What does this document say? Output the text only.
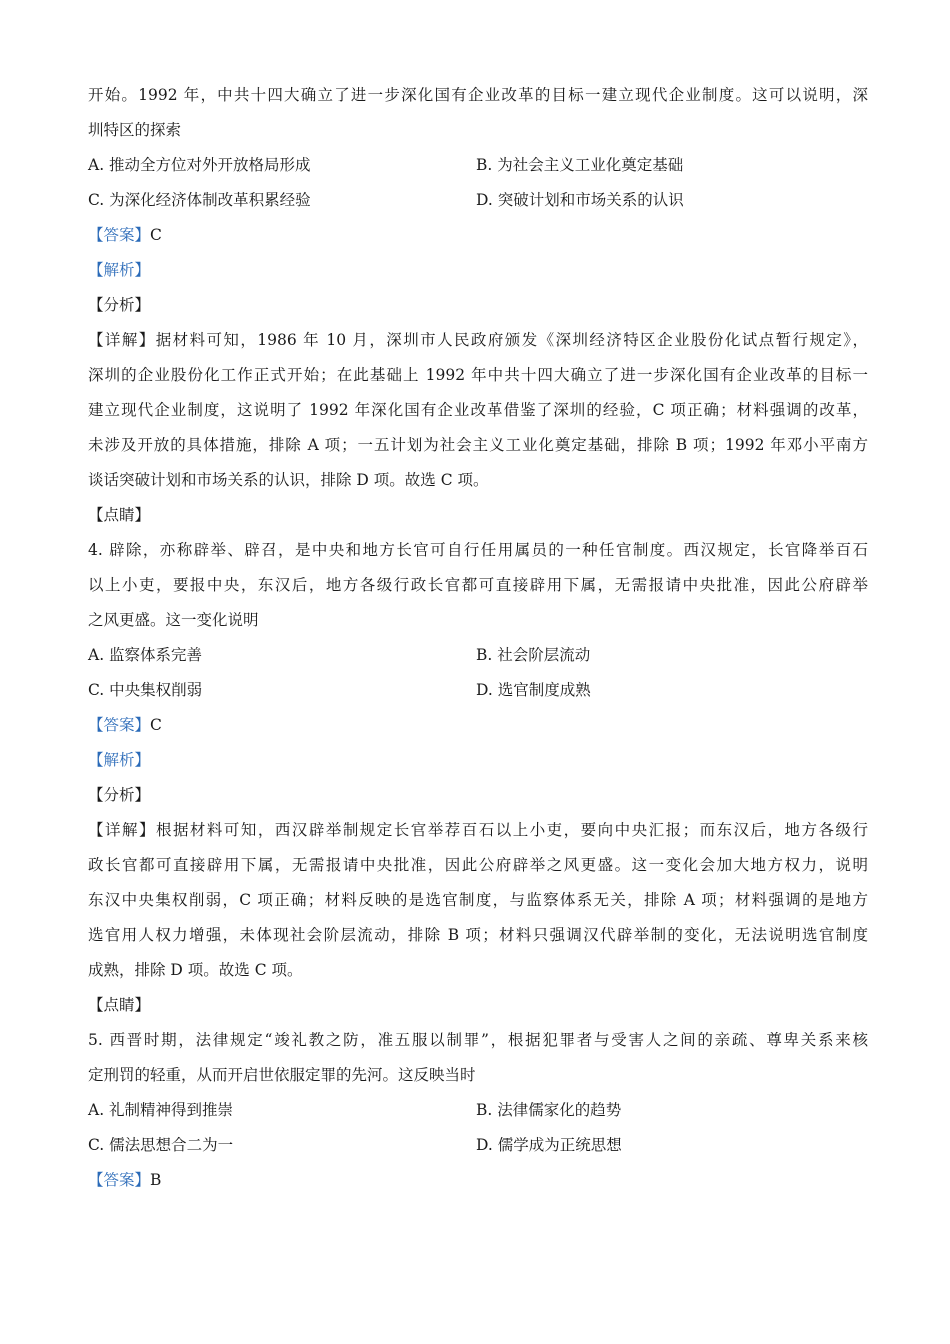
开始。1992 年，中共十四大确立了进一步深化国有企业改革的目标一建立现代企业制度。这可以说明，深
圳特区的探索
A. 推动全方位对外开放格局形成	B. 为社会主义工业化奠定基础
C. 为深化经济体制改革积累经验	D. 突破计划和市场关系的认识
【答案】C
【解析】
【分析】
【详解】据材料可知，1986 年 10 月，深圳市人民政府颁发《深圳经济特区企业股份化试点暂行规定》，
深圳的企业股份化工作正式开始；在此基础上 1992 年中共十四大确立了进一步深化国有企业改革的目标一
建立现代企业制度，这说明了 1992 年深化国有企业改革借鉴了深圳的经验，C 项正确；材料强调的改革，
未涉及开放的具体措施，排除 A 项；一五计划为社会主义工业化奠定基础，排除 B 项；1992 年邓小平南方
谈话突破计划和市场关系的认识，排除 D 项。故选 C 项。
【点睛】
4. 辟除，亦称辟举、辟召，是中央和地方长官可自行任用属员的一种任官制度。西汉规定，长官降举百石
以上小吏，要报中央，东汉后，地方各级行政长官都可直接辟用下属，无需报请中央批准，因此公府辟举
之风更盛。这一变化说明
A. 监察体系完善	B. 社会阶层流动
C. 中央集权削弱	D. 选官制度成熟
【答案】C
【解析】
【分析】
【详解】根据材料可知，西汉辟举制规定长官举荐百石以上小吏，要向中央汇报；而东汉后，地方各级行
政长官都可直接辟用下属，无需报请中央批准，因此公府辟举之风更盛。这一变化会加大地方权力，说明
东汉中央集权削弱，C 项正确；材料反映的是选官制度，与监察体系无关，排除 A 项；材料强调的是地方
选官用人权力增强，未体现社会阶层流动，排除 B 项；材料只强调汉代辟举制的变化，无法说明选官制度
成熟，排除 D 项。故选 C 项。
【点睛】
5. 西晋时期，法律规定“竣礼教之防，准五服以制罪”，根据犯罪者与受害人之间的亲疏、尊卑关系来核
定刑罚的轻重，从而开启世依服定罪的先河。这反映当时
A. 礼制精神得到推崇	B. 法律儒家化的趋势
C. 儒法思想合二为一	D. 儒学成为正统思想
【答案】B
